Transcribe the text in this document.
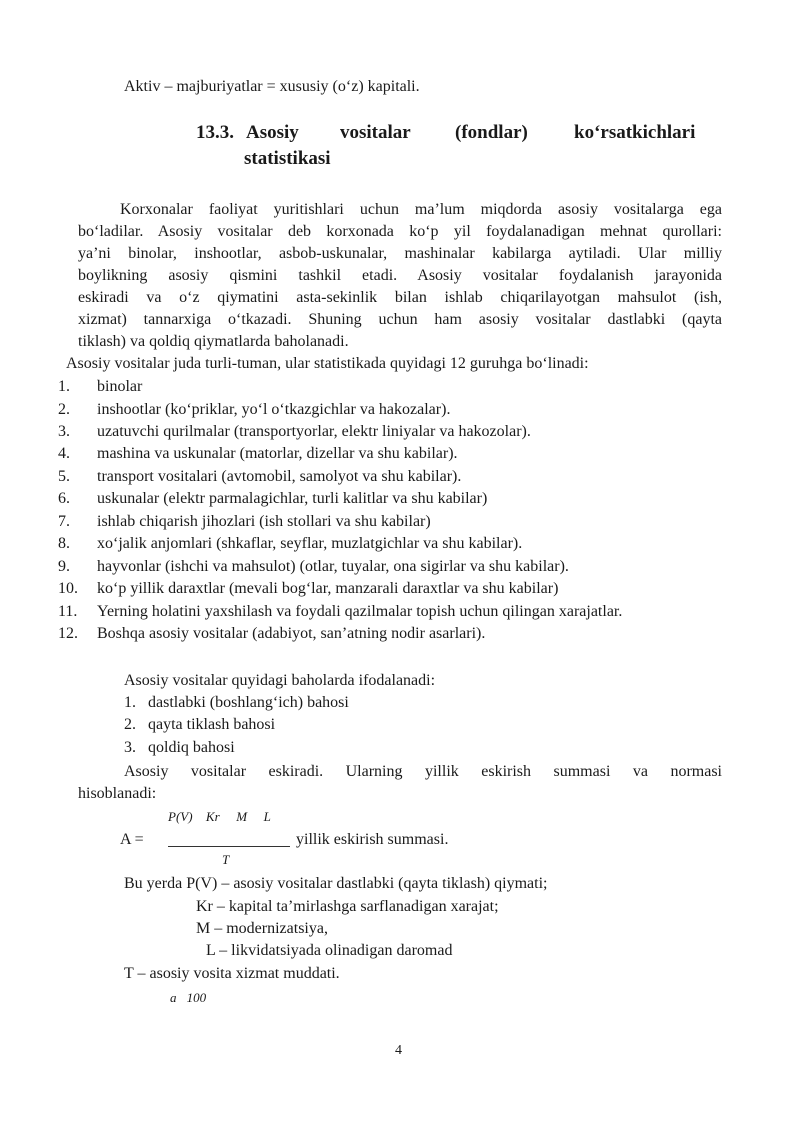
Aktiv – majburiyatlar = xususiy (o‘z) kapitali.
13.3. Asosiy vositalar (fondlar) ko‘rsatkichlari
statistikasi
Korxonalar faoliyat yuritishlari uchun ma’lum miqdorda asosiy vositalarga ega
bo‘ladilar. Asosiy vositalar deb korxonada ko‘p yil foydalanadigan mehnat qurollari:
ya’ni binolar, inshootlar, asbob-uskunalar, mashinalar kabilarga aytiladi. Ular milliy
boylikning asosiy qismini tashkil etadi. Asosiy vositalar foydalanish jarayonida
eskiradi va o‘z qiymatini asta-sekinlik bilan ishlab chiqarilayotgan mahsulot (ish,
xizmat) tannarxiga o‘tkazadi. Shuning uchun ham asosiy vositalar dastlabki (qayta
tiklash) va qoldiq qiymatlarda baholanadi.
Asosiy vositalar juda turli-tuman, ular statistikada quyidagi 12 guruhga bo‘linadi:
1.	binolar
2.	inshootlar (ko‘priklar, yo‘l o‘tkazgichlar va hakozalar).
3.	uzatuvchi qurilmalar (transportyorlar, elektr liniyalar va hakozolar).
4.	mashina va uskunalar (matorlar, dizellar va shu kabilar).
5.	transport vositalari (avtomobil, samolyot va shu kabilar).
6.	uskunalar (elektr parmalagichlar, turli kalitlar va shu kabilar)
7.	ishlab chiqarish jihozlari (ish stollari va shu kabilar)
8.	xo‘jalik anjomlari (shkaflar, seyflar, muzlatgichlar va shu kabilar).
9.	hayvonlar (ishchi va mahsulot) (otlar, tuyalar, ona sigirlar va shu kabilar).
10.	ko‘p yillik daraxtlar (mevali bog‘lar, manzarali daraxtlar va shu kabilar)
11.	Yerning holatini yaxshilash va foydali qazilmalar topish uchun qilingan xarajatlar.
12.	Boshqa asosiy vositalar (adabiyot, san’atning nodir asarlari).
Asosiy vositalar quyidagi baholarda ifodalanadi:
1. dastlabki (boshlang‘ich) bahosi
2. qayta tiklash bahosi
3. qoldiq bahosi
Asosiy vositalar eskiradi. Ularning yillik eskirish summasi va normasi
hisoblanadi:
P(V)  Kr   M   L
A =	yillik eskirish summasi.
T
Bu yerda P(V) – asosiy vositalar dastlabki (qayta tiklash) qiymati;
Kr – kapital ta’mirlashga sarflanadigan xarajat;
M – modernizatsiya,
L – likvidatsiyada olinadigan daromad
T – asosiy vosita xizmat muddati.
a 100
4
